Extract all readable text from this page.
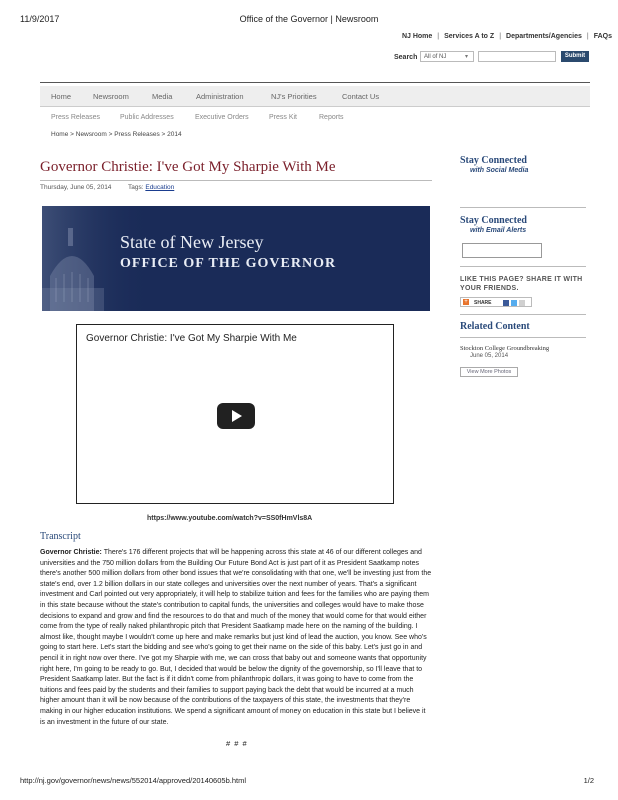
11/9/2017	Office of the Governor | Newsroom
NJ Home | Services A to Z | Departments/Agencies | FAQs
Search	All of NJ	▾	Submit
Home	Newsroom	Media	Administration	NJ's Priorities	Contact Us
Press Releases	Public Addresses	Executive Orders	Press Kit	Reports
Home > Newsroom > Press Releases > 2014
Governor Christie: I've Got My Sharpie With Me
Thursday, June 05, 2014	Tags: Education
State of New Jersey
OFFICE OF THE GOVERNOR
Governor Christie: I've Got My Sharpie With Me
https://www.youtube.com/watch?v=SS0fHmVls8A
Transcript
Governor Christie: There's 176 different projects that will be happening across this state at 46 of our different colleges and universities and the 750 million dollars from the Building Our Future Bond Act is just part of it as President Saatkamp notes there's another 500 million dollars from other bond issues that we're consolidating with that one, we'll be investing just from the state's end, over 1.2 billion dollars in our state colleges and universities over the next number of years. That's a significant investment and Carl pointed out very appropriately, it will help to stabilize tuition and fees for the families who are paying them in this state because without the state's contribution to capital funds, the universities and colleges would have to make those decisions to expand and grow and find the resources to do that and much of the money that would come for that would either come from the type of really naked philanthropic pitch that President Saatkamp made here on the naming of the building. I almost like, thought maybe I wouldn't come up here and make remarks but just kind of lead the auction, you know. See who's going to start here. Let's start the bidding and see who's going to get their name on the side of this baby. Let's just go in and pencil it in right now over there. I've got my Sharpie with me, we can cross that baby out and someone wants that opportunity right here, I'm going to be ready to go. But, I decided that would be below the dignity of the governorship, so I'll leave that to President Saatkamp later. But the fact is if it didn't come from philanthropic dollars, it was going to have to come from the tuitions and fees paid by the students and their families to support paying back the debt that would be incurred at a much higher amount than it will be now because of the contributions of the taxpayers of this state, the investments that they're making in our higher education institutions. We spend a significant amount of money on education in this state but I believe it is an investment in the future of our state.
# # #
Stay Connected
with Social Media
Stay Connected
with Email Alerts
LIKE THIS PAGE? SHARE IT WITH YOUR FRIENDS.
+ SHARE
Related Content
Stockton College Groundbreaking
June 05, 2014
View More Photos
http://nj.gov/governor/news/news/552014/approved/20140605b.html	1/2
